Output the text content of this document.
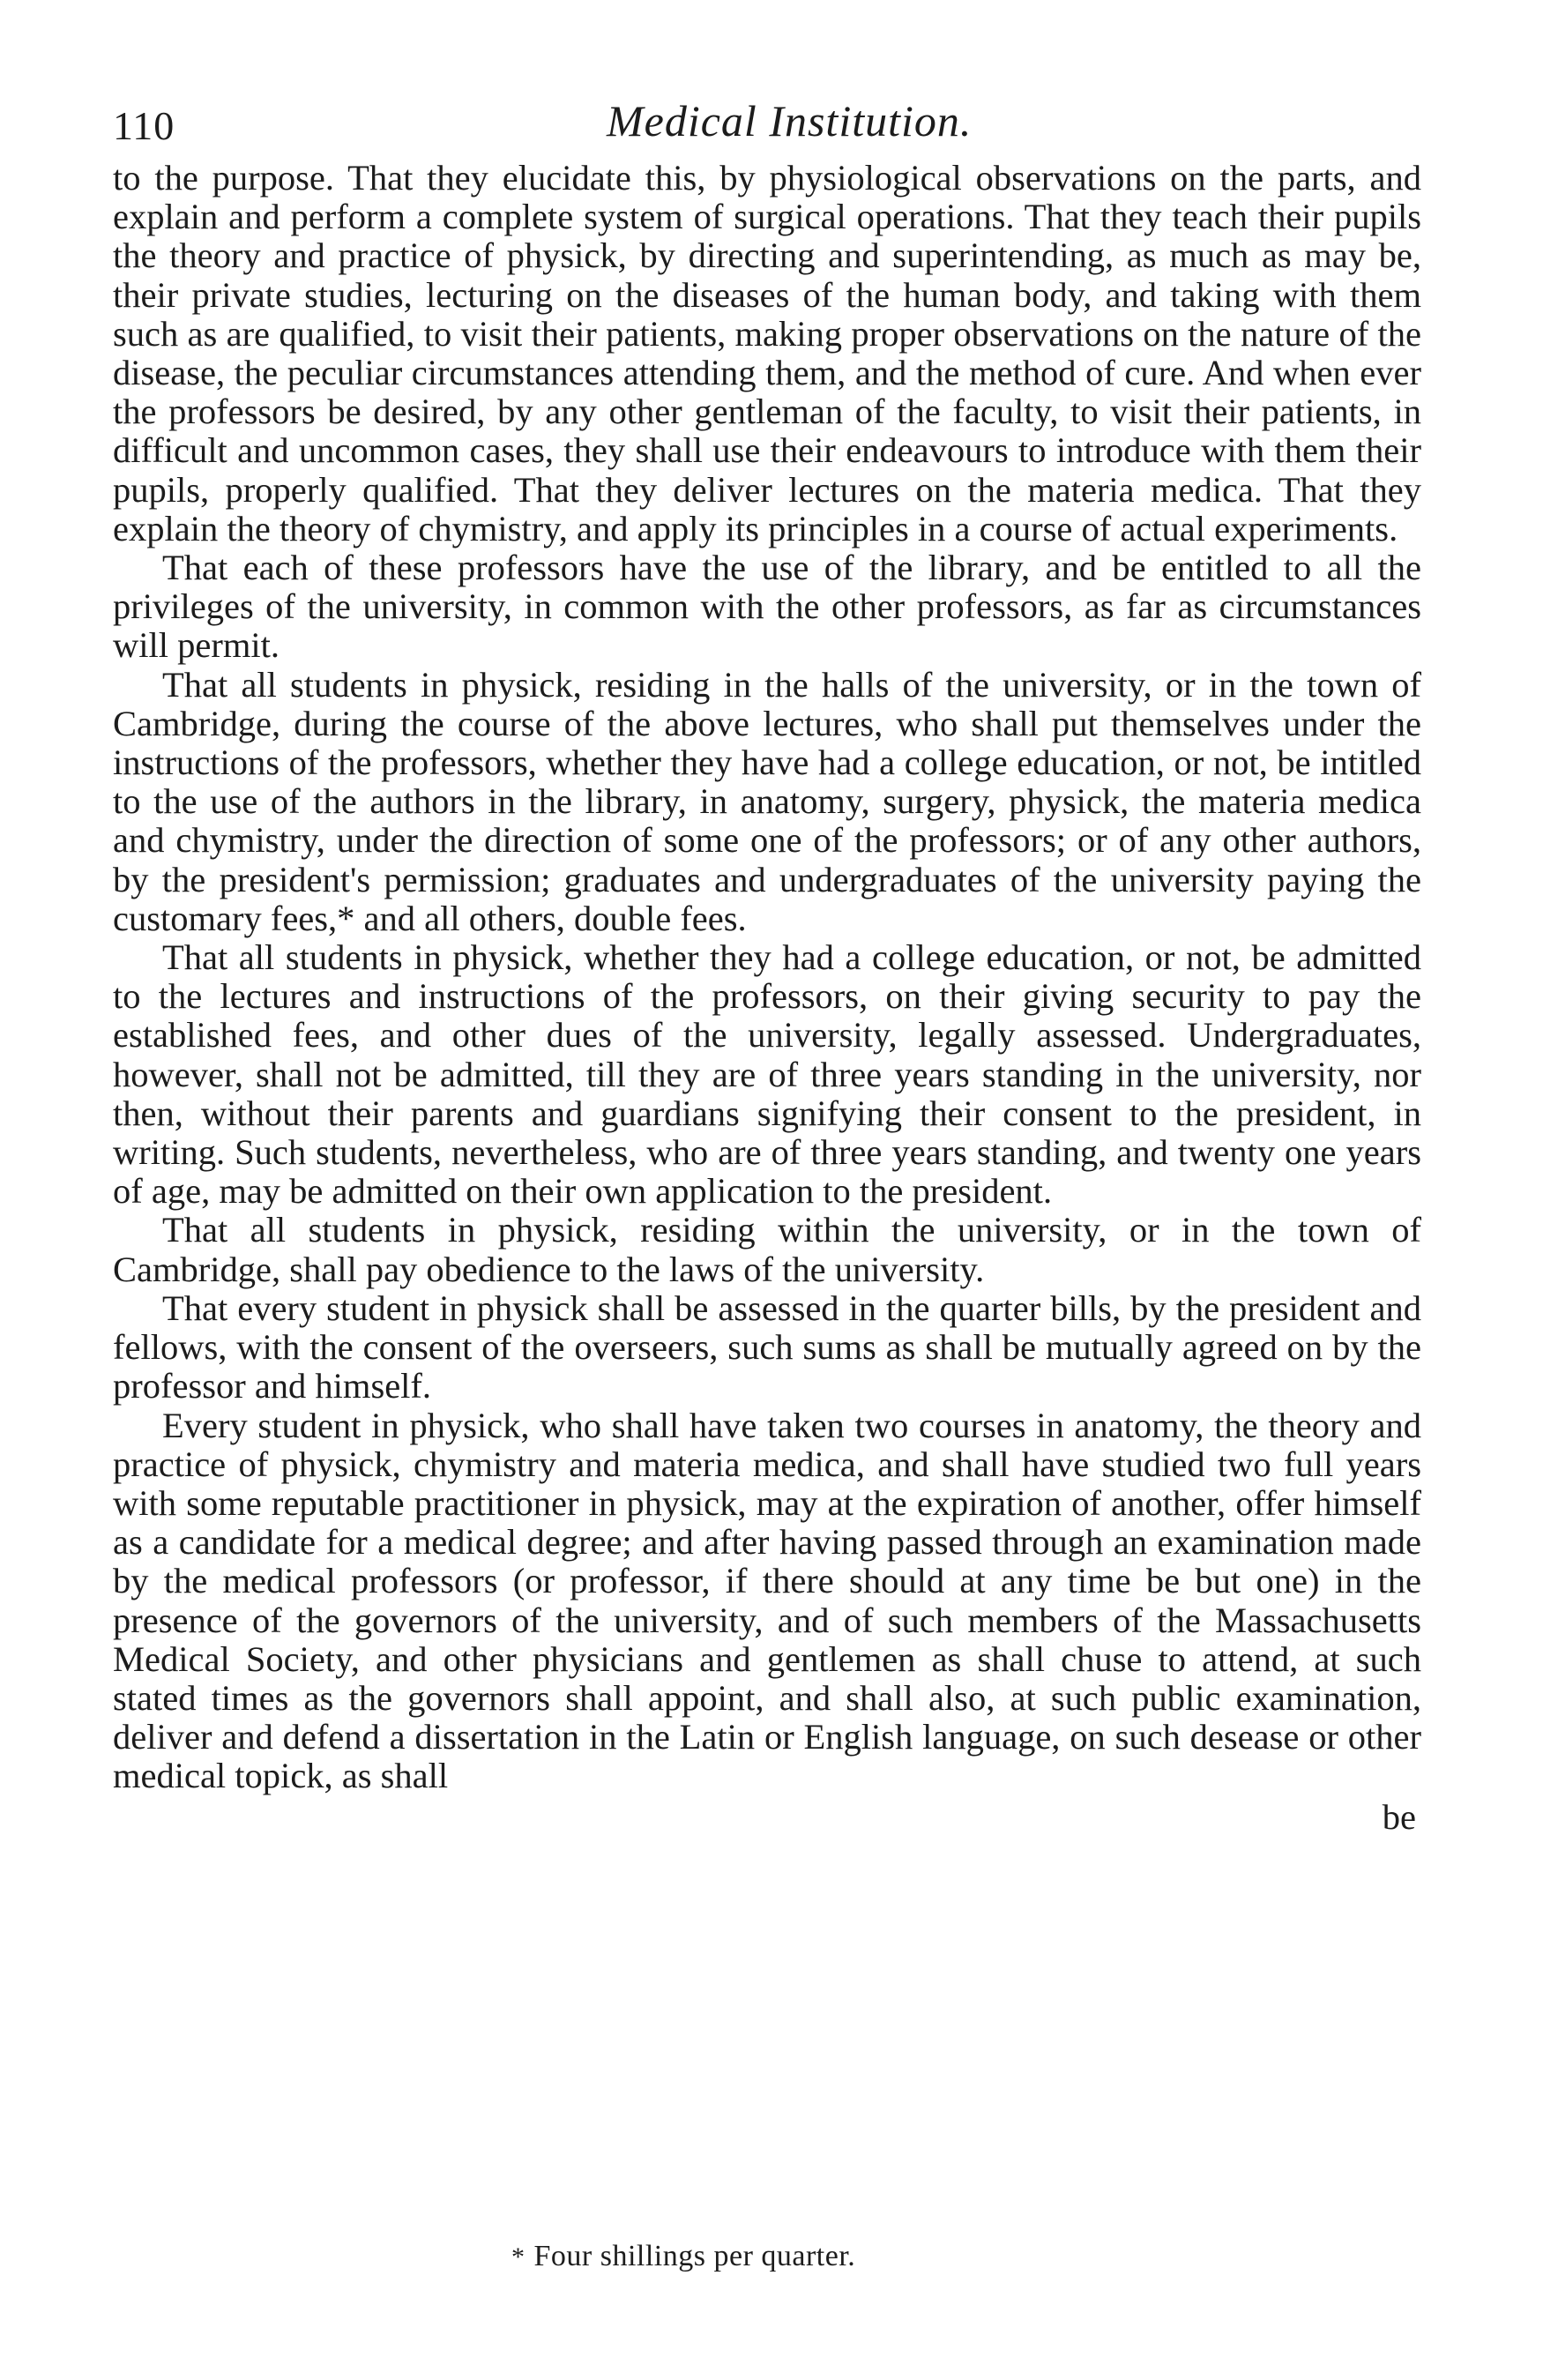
110	Medical Institution.

to the purpose. That they elucidate this, by physiological observations on the parts, and explain and perform a complete system of surgical operations. That they teach their pupils the theory and practice of physick, by directing and superintending, as much as may be, their private studies, lecturing on the diseases of the human body, and taking with them such as are qualified, to visit their patients, making proper observations on the nature of the disease, the peculiar circumstances attending them, and the method of cure. And when ever the professors be desired, by any other gentleman of the faculty, to visit their patients, in difficult and uncommon cases, they shall use their endeavours to introduce with them their pupils, properly qualified. That they deliver lectures on the materia medica. That they explain the theory of chymistry, and apply its principles in a course of actual experiments.

That each of these professors have the use of the library, and be entitled to all the privileges of the university, in common with the other professors, as far as circumstances will permit.

That all students in physick, residing in the halls of the university, or in the town of Cambridge, during the course of the above lectures, who shall put themselves under the instructions of the professors, whether they have had a college education, or not, be intitled to the use of the authors in the library, in anatomy, surgery, physick, the materia medica and chymistry, under the direction of some one of the professors; or of any other authors, by the president's permission; graduates and undergraduates of the university paying the customary fees,* and all others, double fees.

That all students in physick, whether they had a college education, or not, be admitted to the lectures and instructions of the professors, on their giving security to pay the established fees, and other dues of the university, legally assessed. Undergraduates, however, shall not be admitted, till they are of three years standing in the university, nor then, without their parents and guardians signifying their consent to the president, in writing. Such students, nevertheless, who are of three years standing, and twenty one years of age, may be admitted on their own application to the president.

That all students in physick, residing within the university, or in the town of Cambridge, shall pay obedience to the laws of the university.

That every student in physick shall be assessed in the quarter bills, by the president and fellows, with the consent of the overseers, such sums as shall be mutually agreed on by the professor and himself.

Every student in physick, who shall have taken two courses in anatomy, the theory and practice of physick, chymistry and materia medica, and shall have studied two full years with some reputable practitioner in physick, may at the expiration of another, offer himself as a candidate for a medical degree; and after having passed through an examination made by the medical professors (or professor, if there should at any time be but one) in the presence of the governors of the university, and of such members of the Massachusetts Medical Society, and other physicians and gentlemen as shall chuse to attend, at such stated times as the governors shall appoint, and shall also, at such public examination, deliver and defend a dissertation in the Latin or English language, on such desease or other medical topick, as shall

be
* Four shillings per quarter.
